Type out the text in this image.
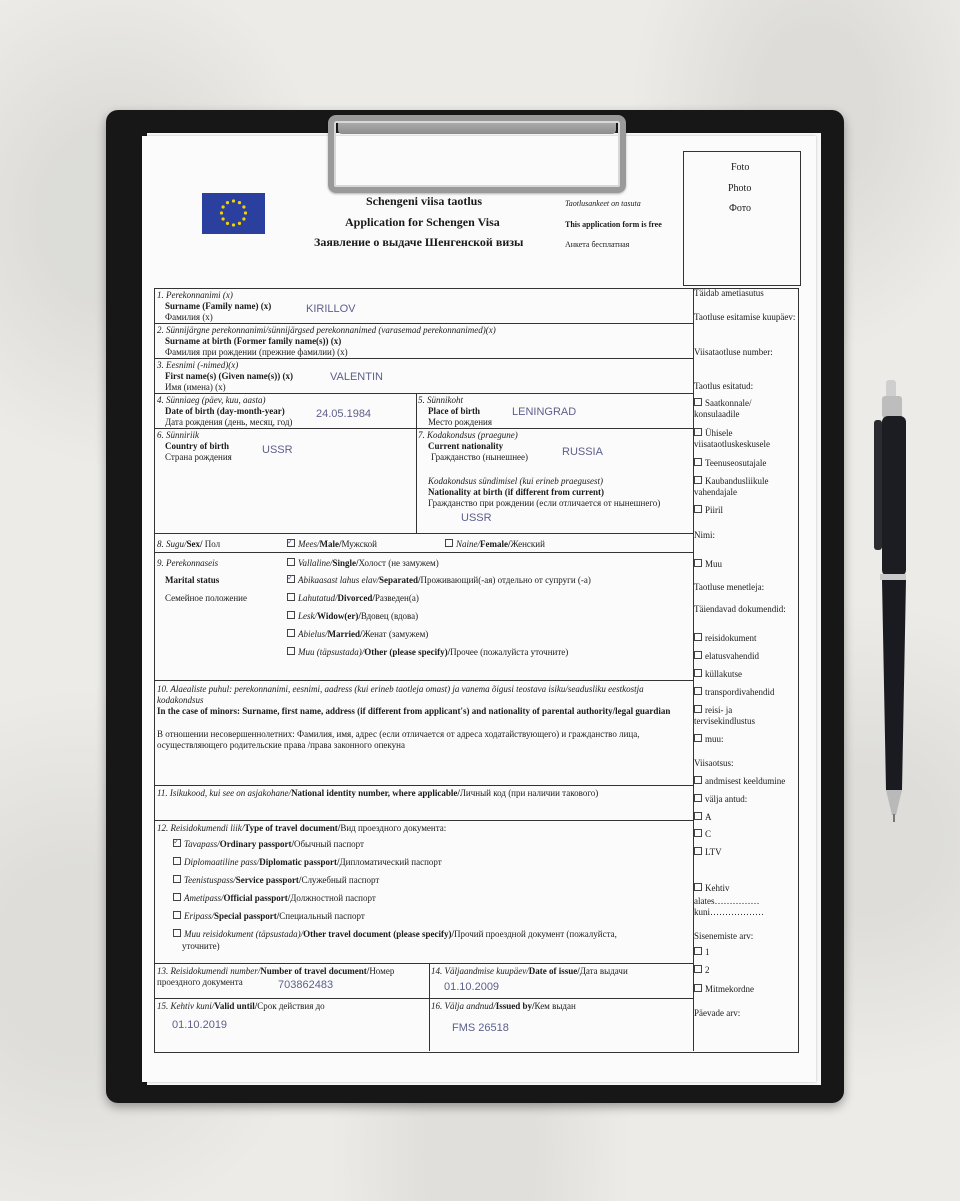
Schengeni viisa taotlus
Application for Schengen Visa
Заявление о выдаче Шенгенской визы
Taotlusankeet on tasuta
This application form is free
Анкета бесплатная
Foto
Photo
Фото
1. Perekonnanimi (x)
Surname (Family name) (x)
Фамилия (x)
KIRILLOV
2. Sünnijärgne perekonnanimi/sünnijärgsed perekonnanimed (varasemad perekonnanimed)(x)
Surname at birth (Former family name(s)) (x)
Фамилия при рождении (прежние фамилии) (x)
3. Eesnimi (-nimed)(x)
First name(s) (Given name(s)) (x)
Имя (имена) (x)
VALENTIN
4. Sünniaeg (päev, kuu, aasta)
Date of birth (day-month-year)
Дата рождения (день, месяц, год)
24.05.1984
5. Sünnikoht
Place of birth
Место рождения
LENINGRAD
6. Sünniriik
Country of birth
Страна рождения
USSR
7. Kodakondsus (praegune)
Current nationality
Гражданство (нынешнее)	RUSSIA
Kodakondsus sündimisel (kui erineb praegusest)
Nationality at birth (if different from current)
Гражданство при рождении (если отличается от нынешнего)
USSR
8. Sugu/Sex/ Пол
✓	Mees/Male/Мужской	Naine/Female/Женский
9. Perekonnaseis
Marital status
Семейное положение
Vallaline/Single/Холост (не замужем)
✓Abikaasast lahus elav/Separated/Проживающий(-ая) отдельно от супруги (-а)
Lahutatud/Divorced/Разведен(а)
Lesk/Widow(er)/Вдовец (вдова)
Abielus/Married/Женат (замужем)
Muu (täpsustada)/Other (please specify)/Прочее (пожалуйста уточните)
10. Alaealiste puhul: perekonnanimi, eesnimi, aadress (kui erineb taotleja omast) ja vanema õigusi teostava isiku/seadusliku eestkostja kodakondsus
In the case of minors: Surname, first name, address (if different from applicant's) and nationality of parental authority/legal guardian
В отношении несовершеннолетних: Фамилия, имя, адрес (если отличается от адреса ходатайствующего) и гражданство лица, осуществляющего родительские права /права законного опекуна
11. Isikukood, kui see on asjakohane/National identity number, where applicable/Личный код (при наличии такового)
12. Reisidokumendi liik/Type of travel document/Вид проездного документа:
✓Tavapass/Ordinary passport/Обычный паспорт
Diplomaatiline pass/Diplomatic passport/Дипломатический паспорт
Teenistuspass/Service passport/Служебный паспорт
Ametipass/Official passport/Должностной паспорт
Eripass/Special passport/Специальный паспорт
Muu reisidokument (täpsustada)/Other travel document (please specify)/Прочий проездной документ (пожалуйста,
уточните)
13. Reisidokumendi number/Number of travel document/Номер
проездного документа	703862483
14. Väljaandmise kuupäev/Date of issue/Дата выдачи
01.10.2009
15. Kehtiv kuni/Valid until/Срок действия до
01.10.2019
16. Välja andnud/Issued by/Кем выдан
FMS 26518
Täidab ametiasutus
Taotluse esitamise kuupäev:
Viisataotluse number:
Taotlus esitatud:
Saatkonnale/ konsulaadile
Ühisele viisataotluskeskusele
Teenuseosutajale
Kaubandusliikule vahendajale
Piiril
Nimi:
Muu
Taotluse menetleja:
Täiendavad dokumendid:
reisidokument
elatusvahendid
küllakutse
transpordivahendid
reisi- ja tervisekindlustus
muu:
Viisaotsus:
andmisest keeldumine
välja antud:
A
C
LTV
Kehtiv
alates……………
kuni………………
Sisenemiste arv:
1
2
Mitmekordne
Päevade arv:
